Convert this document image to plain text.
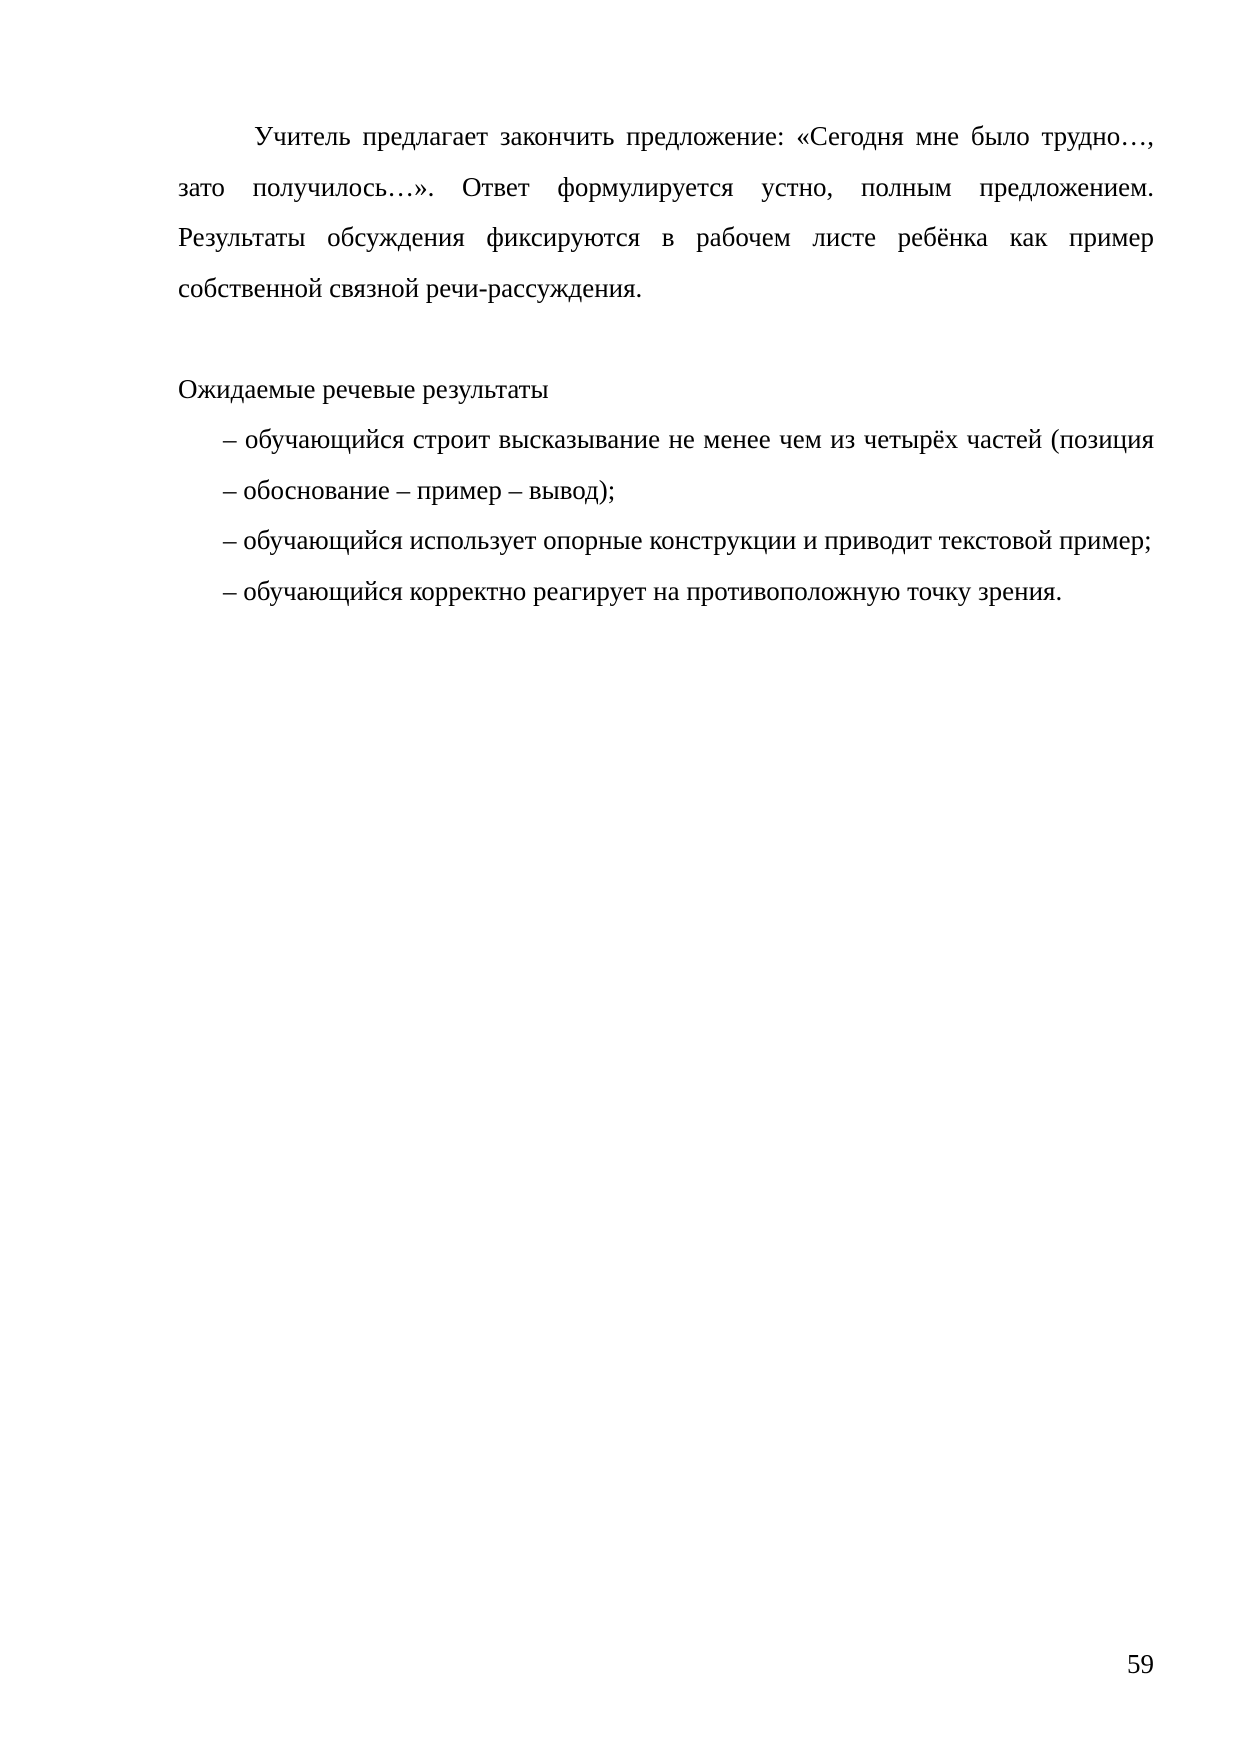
Учитель предлагает закончить предложение: «Сегодня мне было трудно…, зато получилось…». Ответ формулируется устно, полным предложением. Результаты обсуждения фиксируются в рабочем листе ребёнка как пример собственной связной речи-рассуждения.

Ожидаемые речевые результаты

– обучающийся строит высказывание не менее чем из четырёх частей (позиция – обоснование – пример – вывод);
– обучающийся использует опорные конструкции и приводит текстовой пример;
– обучающийся корректно реагирует на противоположную точку зрения.
59
